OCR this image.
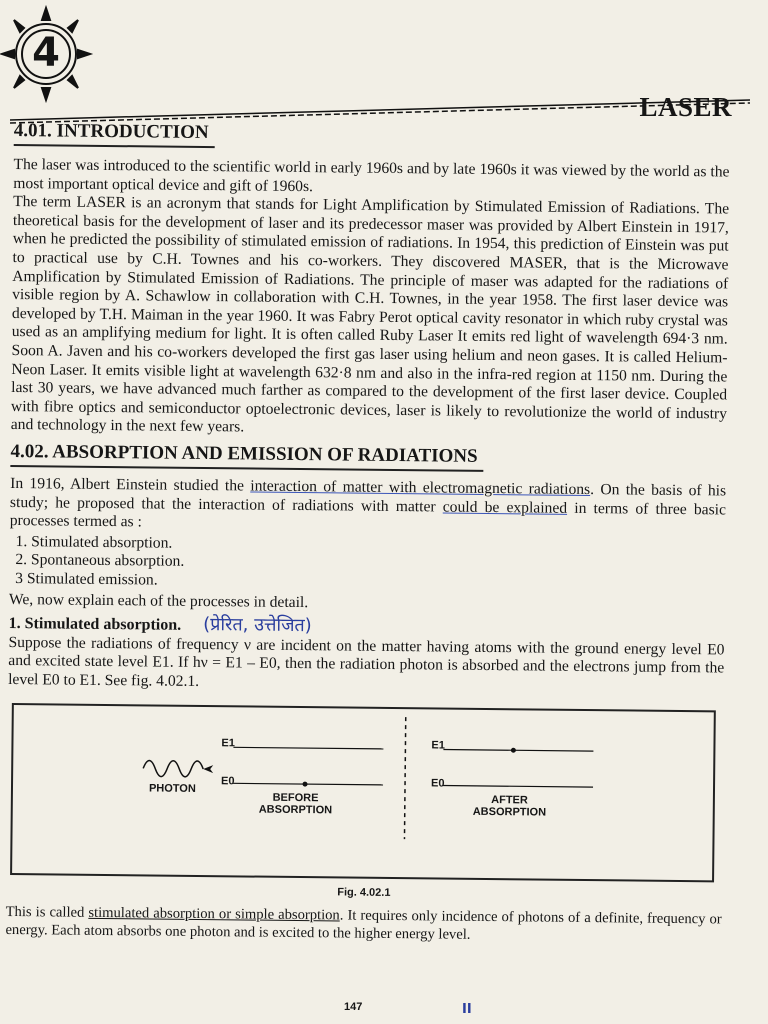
4
LASER
4.01. INTRODUCTION

The laser was introduced to the scientific world in early 1960s and by late 1960s it was viewed by the world as the most important optical device and gift of 1960s.

The term LASER is an acronym that stands for Light Amplification by Stimulated Emission of Radiations. The theoretical basis for the development of laser and its predecessor maser was provided by Albert Einstein in 1917, when he predicted the possibility of stimulated emission of radiations. In 1954, this prediction of Einstein was put to practical use by C.H. Townes and his co-workers. They discovered MASER, that is the Microwave Amplification by Stimulated Emission of Radiations. The principle of maser was adapted for the radiations of visible region by A. Schawlow in collaboration with C.H. Townes, in the year 1958. The first laser device was developed by T.H. Maiman in the year 1960. It was Fabry Perot optical cavity resonator in which ruby crystal was used as an amplifying medium for light. It is often called Ruby Laser It emits red light of wavelength 694·3 nm. Soon A. Javen and his co-workers developed the first gas laser using helium and neon gases. It is called Helium-Neon Laser. It emits visible light at wavelength 632·8 nm and also in the infra-red region at 1150 nm. During the last 30 years, we have advanced much farther as compared to the development of the first laser device. Coupled with fibre optics and semiconductor optoelectronic devices, laser is likely to revolutionize the world of industry and technology in the next few years.

4.02. ABSORPTION AND EMISSION OF RADIATIONS

In 1916, Albert Einstein studied the interaction of matter with electromagnetic radiations. On the basis of his study; he proposed that the interaction of radiations with matter could be explained in terms of three basic processes termed as :

1. Stimulated absorption.
2. Spontaneous absorption.
3 Stimulated emission.

We, now explain each of the processes in detail.

1. Stimulated absorption. (प्रेरित, उत्तेजित)

Suppose the radiations of frequency ν are incident on the matter having atoms with the ground energy level E0 and excited state level E1. If hν = E1 – E0, then the radiation photon is absorbed and the electrons jump from the level E0 to E1. See fig. 4.02.1.

E1
E0
E1
E0
PHOTON
BEFORE
ABSORPTION
AFTER
ABSORPTION
Fig. 4.02.1

This is called stimulated absorption or simple absorption. It requires only incidence of photons of a definite, frequency or energy. Each atom absorbs one photon and is excited to the higher energy level.

147	II
